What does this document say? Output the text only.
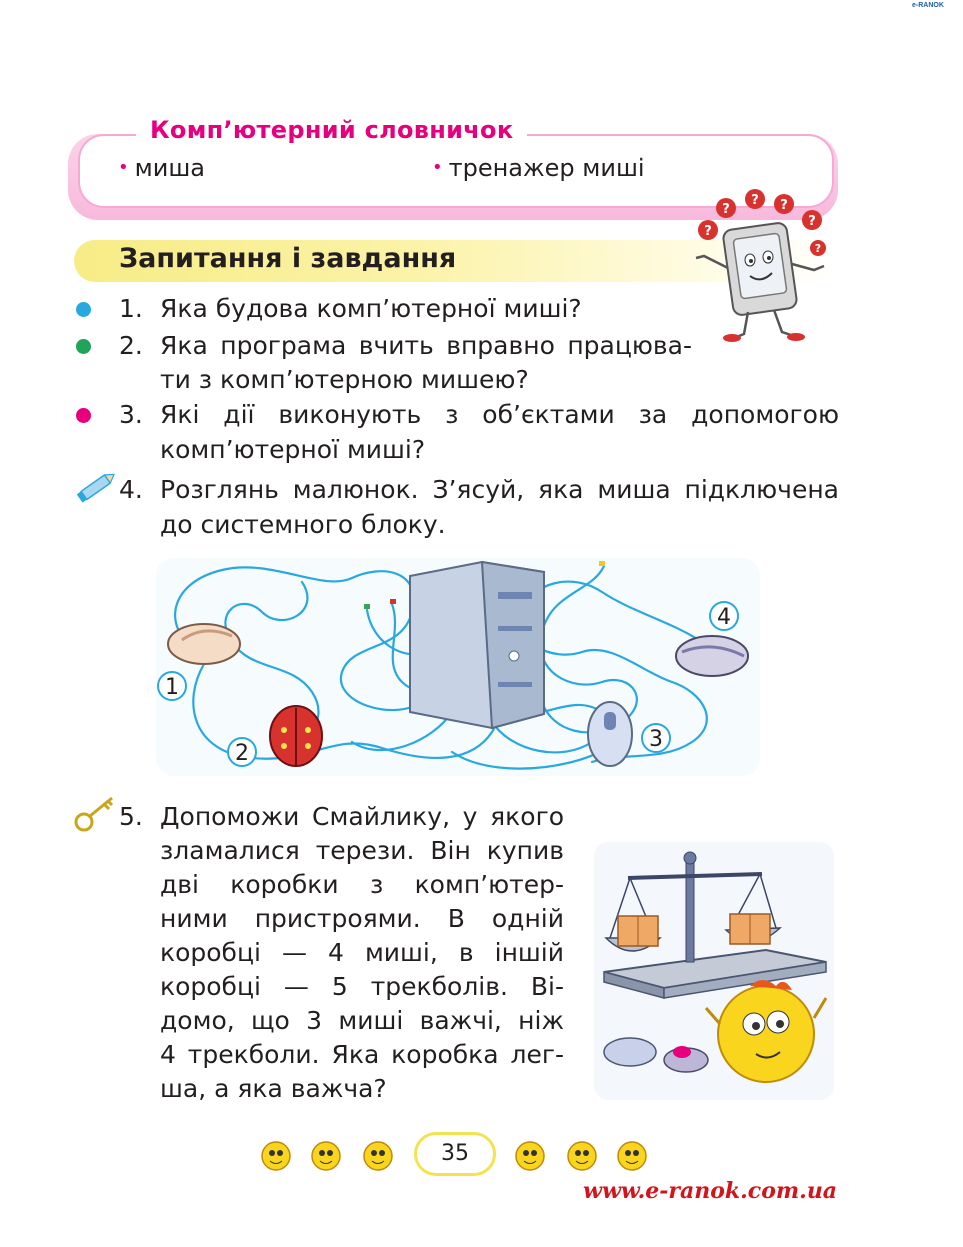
e-RANOK
Комп’ютерний словничок
• миша	• тренажер миші
Запитання і завдання
?
?
? ?
?
?
1. Яка будова комп’ютерної миші?
2. Яка програма вчить вправно працюва-
ти з комп’ютерною мишею?
3. Які дії виконують з об’єктами за допомогою
комп’ютерної миші?
4. Розглянь малюнок. З’ясуй, яка миша підключена
до системного блоку.
1
2
3
4
5. Допоможи Смайлику, у якого
зламалися терези. Він купив
дві коробки з комп’ютер-
ними пристроями. В одній
коробці — 4 миші, в іншій
коробці — 5 трекболів. Ві-
домо, що 3 миші важчі, ніж
4 трекболи. Яка коробка лег-
ша, а яка важча?
35
www.e-ranok.com.ua
